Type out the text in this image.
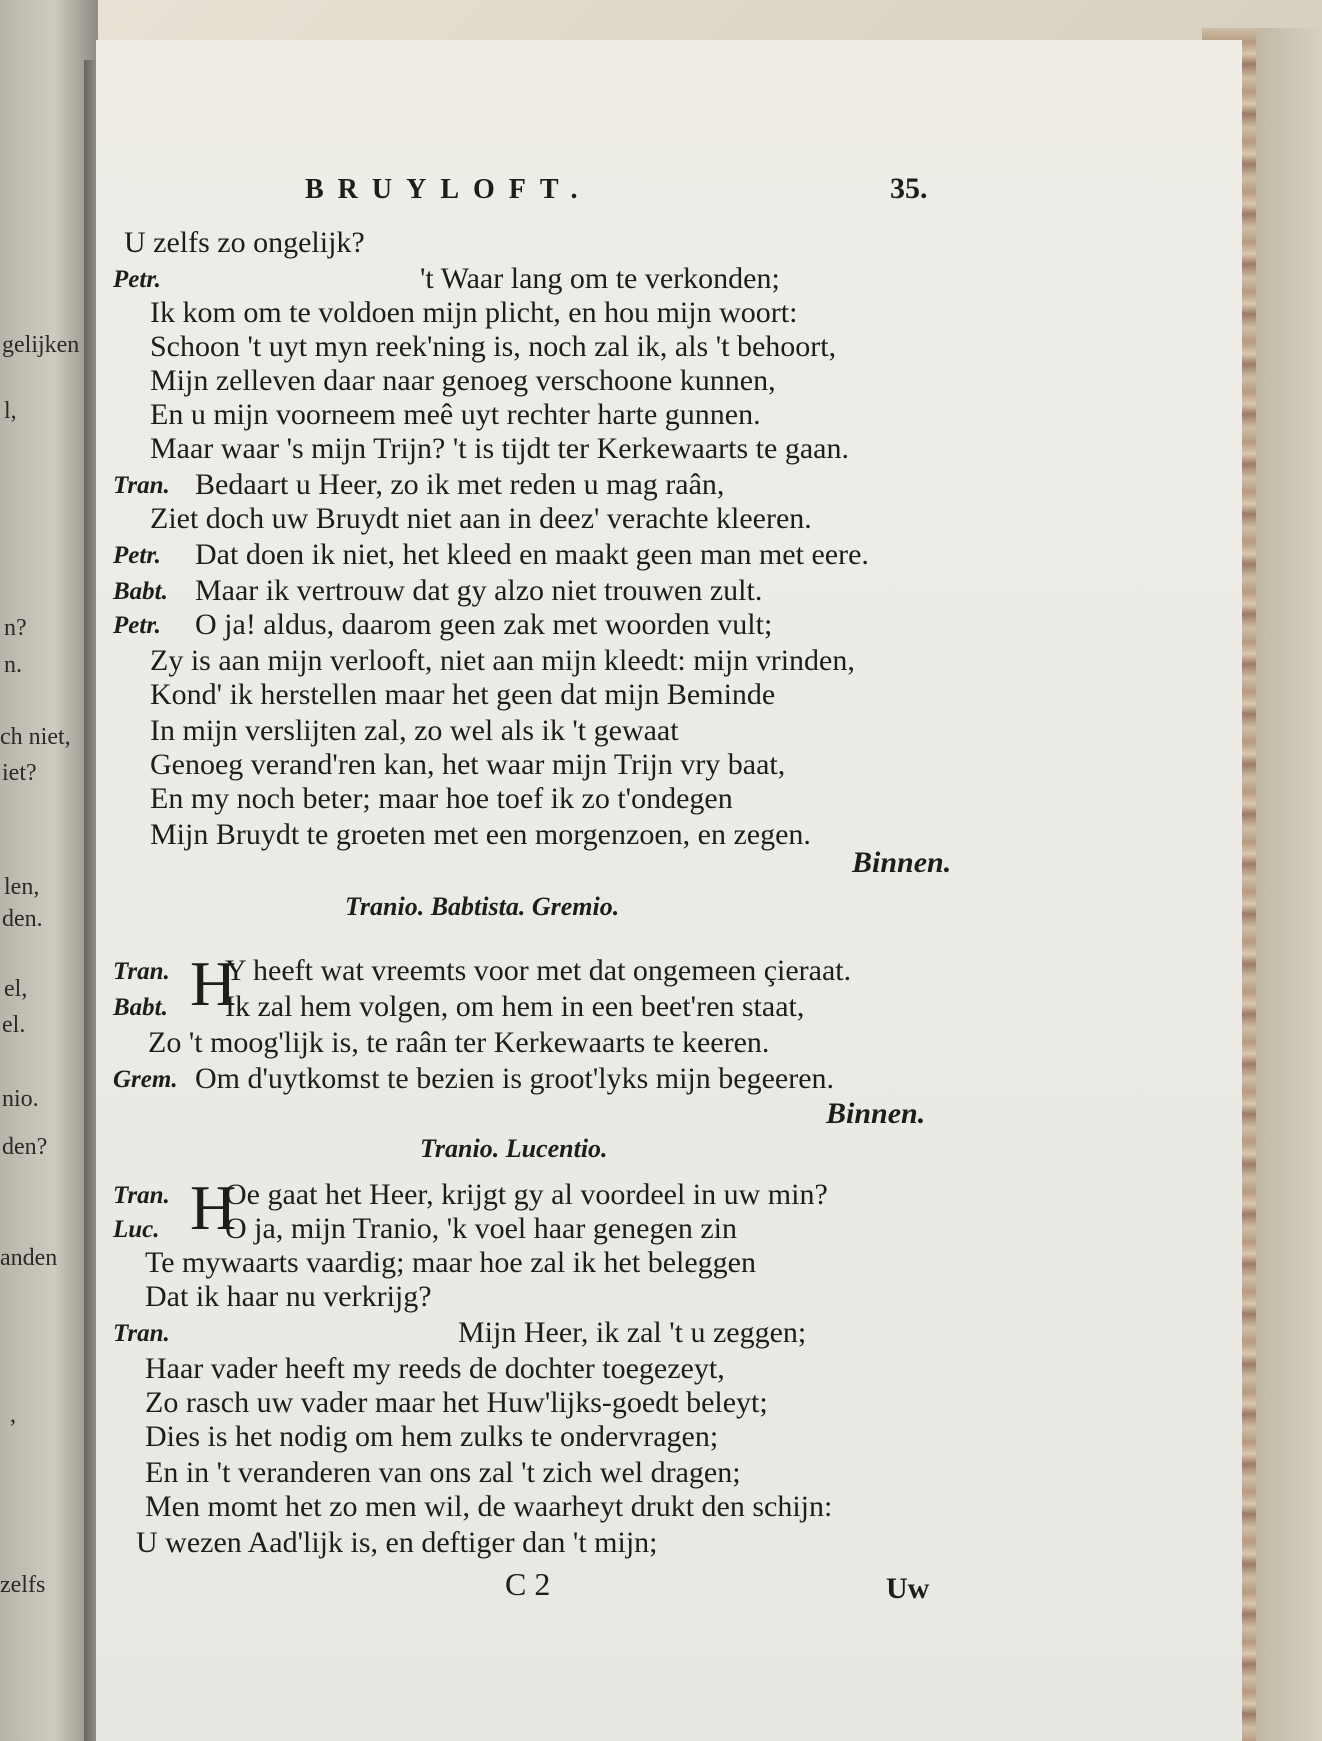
gelijken
l,
n?
n.
ch niet,
iet?
len,
den.
el,
el.
nio.
den?
anden
,
zelfs
BRUYLOFT.	35.
Binnen.
Tranio. Babtista. Gremio.
Binnen.
Tranio. Lucentio.
C 2	Uw
U zelfs zo ongelijk?
Petr.	't Waar lang om te verkonden;
Ik kom om te voldoen mijn plicht, en hou mijn woort:
Schoon 't uyt myn reek'ning is, noch zal ik, als 't behoort,
Mijn zelleven daar naar genoeg verschoone kunnen,
En u mijn voorneem meê uyt rechter harte gunnen.
Maar waar 's mijn Trijn? 't is tijdt ter Kerkewaarts te gaan.
Tran. Bedaart u Heer, zo ik met reden u mag raân,
Ziet doch uw Bruydt niet aan in deez' verachte kleeren.
Petr. Dat doen ik niet, het kleed en maakt geen man met eere.
Babt. Maar ik vertrouw dat gy alzo niet trouwen zult.
Petr. O ja! aldus, daarom geen zak met woorden vult;
Zy is aan mijn verlooft, niet aan mijn kleedt: mijn vrinden,
Kond' ik herstellen maar het geen dat mijn Beminde
In mijn verslijten zal, zo wel als ik 't gewaat
Genoeg verand'ren kan, het waar mijn Trijn vry baat,
En my noch beter; maar hoe toef ik zo t'ondegen
Mijn Bruydt te groeten met een morgenzoen, en zegen.
Tran. H
Y heeft wat vreemts voor met dat ongemeen çieraat.
Babt. Ik zal hem volgen, om hem in een beet'ren staat,
Zo 't moog'lijk is, te raân ter Kerkewaarts te keeren.
Grem. Om d'uytkomst te bezien is groot'lyks mijn begeeren.
Tran. H
Oe gaat het Heer, krijgt gy al voordeel in uw min?
Luc. O ja, mijn Tranio, 'k voel haar genegen zin
Te mywaarts vaardig; maar hoe zal ik het beleggen
Dat ik haar nu verkrijg?
Tran.	Mijn Heer, ik zal 't u zeggen;
Haar vader heeft my reeds de dochter toegezeyt,
Zo rasch uw vader maar het Huw'lijks-goedt beleyt;
Dies is het nodig om hem zulks te ondervragen;
En in 't veranderen van ons zal 't zich wel dragen;
Men momt het zo men wil, de waarheyt drukt den schijn:
U wezen Aad'lijk is, en deftiger dan 't mijn;
